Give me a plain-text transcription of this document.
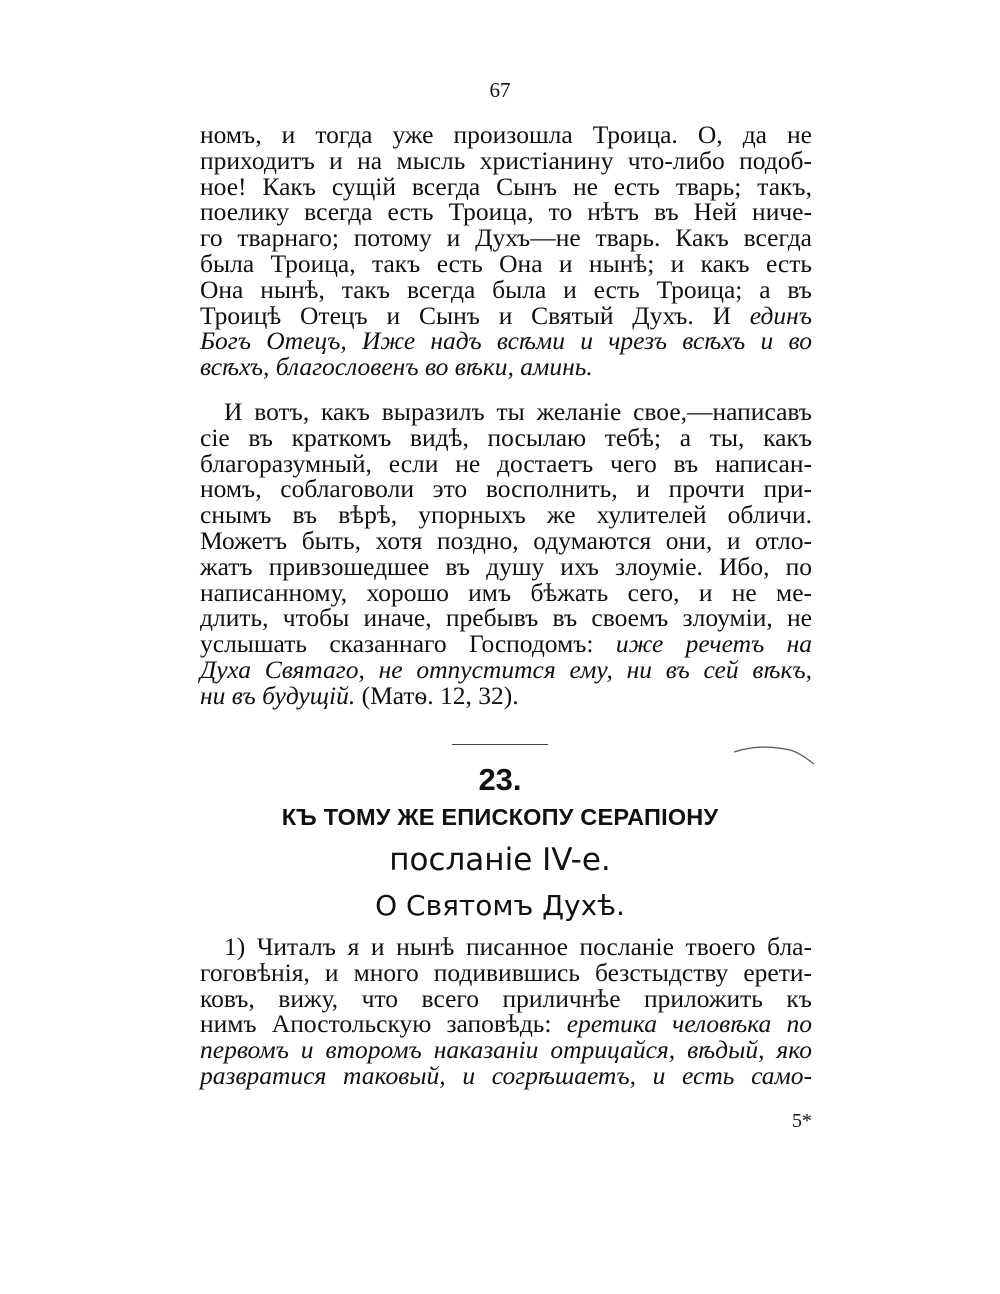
67
номъ, и тогда уже произошла Троица. О, да не
приходитъ и на мысль христіанину что-либо подоб-
ное! Какъ сущій всегда Сынъ не есть тварь; такъ,
поелику всегда есть Троица, то нѣтъ въ Ней ниче-
го тварнаго; потому и Духъ—не тварь. Какъ всегда
была Троица, такъ есть Она и нынѣ; и какъ есть
Она нынѣ, такъ всегда была и есть Троица; а въ
Троицѣ Отецъ и Сынъ и Святый Духъ. И единъ
Богъ Отецъ, Иже надъ всѣми и чрезъ всѣхъ и во
всѣхъ, благословенъ во вѣки, аминь.
И вотъ, какъ выразилъ ты желаніе свое,—написавъ
сіе въ краткомъ видѣ, посылаю тебѣ; а ты, какъ
благоразумный, если не достаетъ чего въ написан-
номъ, соблаговоли это восполнить, и прочти при-
снымъ въ вѣрѣ, упорныхъ же хулителей обличи.
Можетъ быть, хотя поздно, одумаются они, и отло-
жатъ привзошедшее въ душу ихъ злоуміе. Ибо, по
написанному, хорошо имъ бѣжать сего, и не ме-
длить, чтобы иначе, пребывъ въ своемъ злоуміи, не
услышать сказаннаго Господомъ: иже речетъ на
Духа Святаго, не отпустится ему, ни въ сей вѣкъ,
ни въ будущій. (Матѳ. 12, 32).
23.
КЪ ТОМУ ЖЕ ЕПИСКОПУ СЕРАПІОНУ
посланіе IV-е.
О Святомъ Духѣ.
1) Читалъ я и нынѣ писанное посланіе твоего бла-
гоговѣнія, и много подивившись безстыдству ерети-
ковъ, вижу, что всего приличнѣе приложить къ
нимъ Апостольскую заповѣдь: еретика человѣка по
первомъ и второмъ наказаніи отрицайся, вѣдый, яко
развратися таковый, и согрѣшаетъ, и есть само-
5*
